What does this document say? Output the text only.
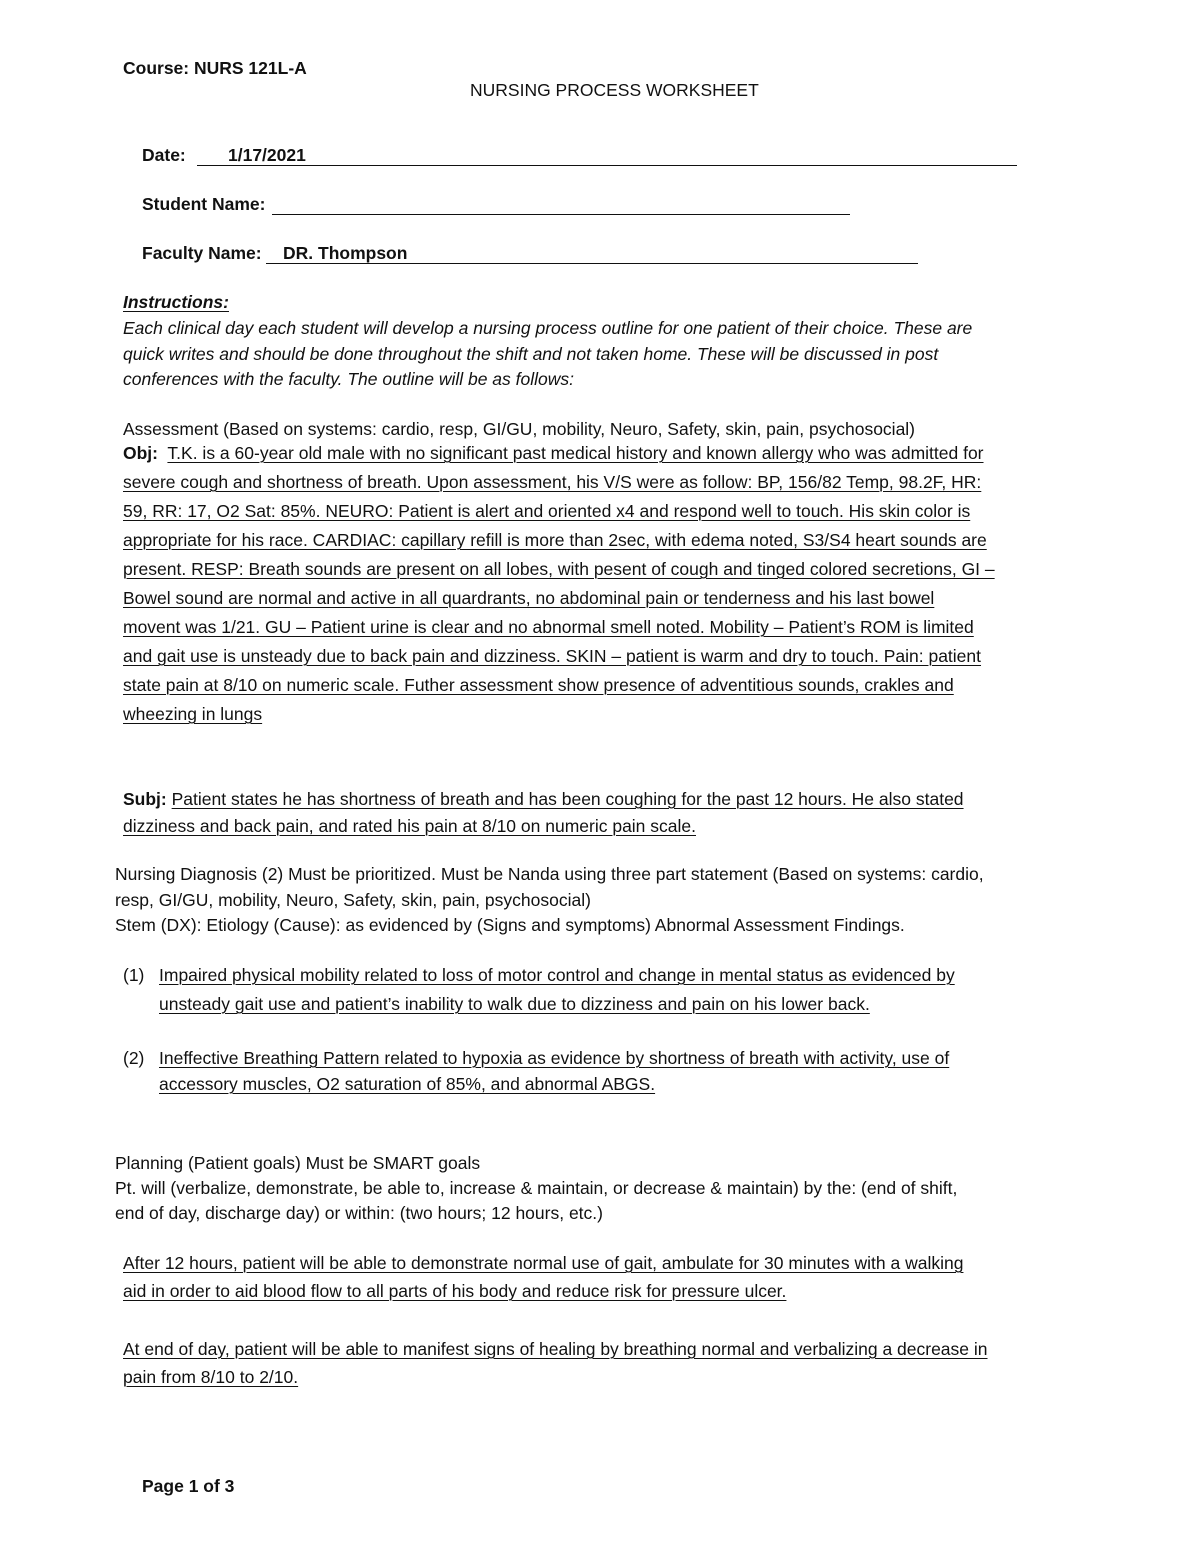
Course: NURS 121L-A
NURSING PROCESS WORKSHEET
Date: 1/17/2021
Student Name:
Faculty Name: DR. Thompson
Instructions:
Each clinical day each student will develop a nursing process outline for one patient of their choice. These are
quick writes and should be done throughout the shift and not taken home. These will be discussed in post
conferences with the faculty. The outline will be as follows:
Assessment (Based on systems: cardio, resp, GI/GU, mobility, Neuro, Safety, skin, pain, psychosocial)
Obj: T.K. is a 60-year old male with no significant past medical history and known allergy who was admitted for
severe cough and shortness of breath. Upon assessment, his V/S were as follow: BP, 156/82 Temp, 98.2F, HR:
59, RR: 17, O2 Sat: 85%. NEURO: Patient is alert and oriented x4 and respond well to touch. His skin color is
appropriate for his race. CARDIAC: capillary refill is more than 2sec, with edema noted, S3/S4 heart sounds are
present. RESP: Breath sounds are present on all lobes, with pesent of cough and tinged colored secretions, GI –
Bowel sound are normal and active in all quardrants, no abdominal pain or tenderness and his last bowel
movent was 1/21. GU – Patient urine is clear and no abnormal smell noted. Mobility – Patient’s ROM is limited
and gait use is unsteady due to back pain and dizziness. SKIN – patient is warm and dry to touch. Pain: patient
state pain at 8/10 on numeric scale. Futher assessment show presence of adventitious sounds, crakles and
wheezing in lungs
Subj: Patient states he has shortness of breath and has been coughing for the past 12 hours. He also stated
dizziness and back pain, and rated his pain at 8/10 on numeric pain scale.
Nursing Diagnosis (2) Must be prioritized. Must be Nanda using three part statement (Based on systems: cardio,
resp, GI/GU, mobility, Neuro, Safety, skin, pain, psychosocial)
Stem (DX): Etiology (Cause): as evidenced by (Signs and symptoms) Abnormal Assessment Findings.
(1) Impaired physical mobility related to loss of motor control and change in mental status as evidenced by
unsteady gait use and patient’s inability to walk due to dizziness and pain on his lower back.
(2) Ineffective Breathing Pattern related to hypoxia as evidence by shortness of breath with activity, use of
accessory muscles, O2 saturation of 85%, and abnormal ABGS.
Planning (Patient goals) Must be SMART goals
Pt. will (verbalize, demonstrate, be able to, increase & maintain, or decrease & maintain) by the: (end of shift,
end of day, discharge day) or within: (two hours; 12 hours, etc.)
After 12 hours, patient will be able to demonstrate normal use of gait, ambulate for 30 minutes with a walking
aid in order to aid blood flow to all parts of his body and reduce risk for pressure ulcer.
At end of day, patient will be able to manifest signs of healing by breathing normal and verbalizing a decrease in
pain from 8/10 to 2/10.
Page 1 of 3
